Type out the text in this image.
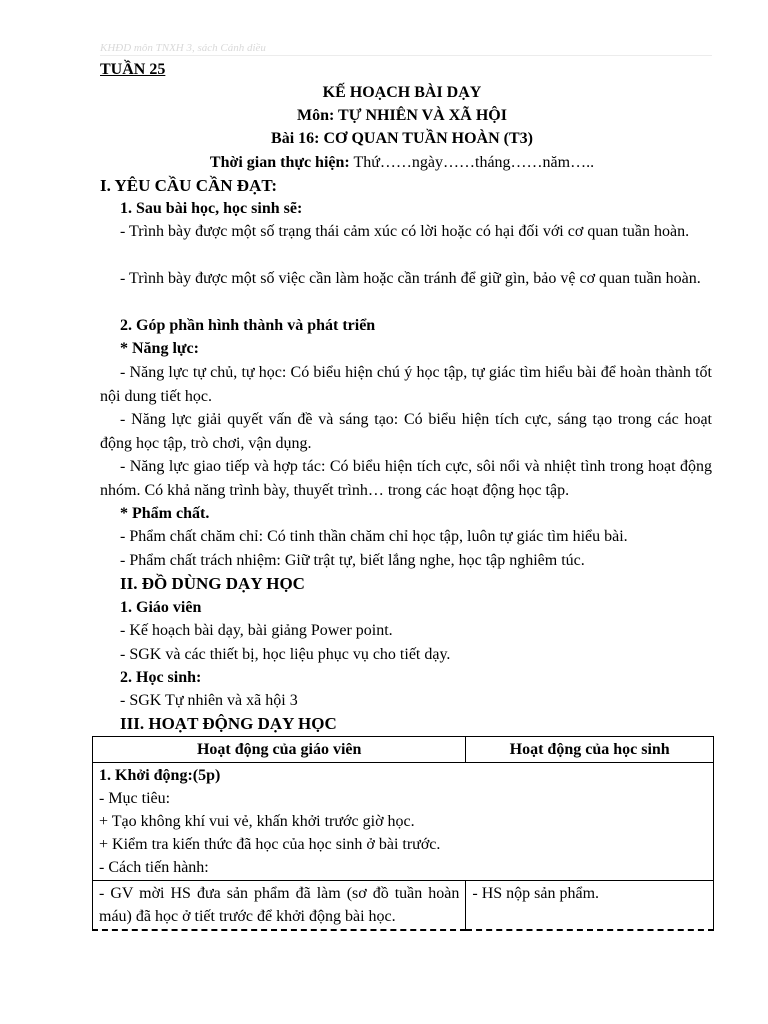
KHĐD môn TNXH 3, sách Cánh diều
TUẦN 25
KẾ HOẠCH BÀI DẠY
Môn: TỰ NHIÊN VÀ XÃ HỘI
Bài 16: CƠ QUAN TUẦN HOÀN (T3)
Thời gian thực hiện: Thứ……ngày……tháng……năm…..
I. YÊU CẦU CẦN ĐẠT:
1. Sau bài học, học sinh sẽ:
- Trình bày được một số trạng thái cảm xúc có lời hoặc có hại đối với cơ quan tuần hoàn.
- Trình bày được một số việc cần làm hoặc cần tránh để giữ gìn, bảo vệ cơ quan tuần hoàn.
2. Góp phần hình thành và phát triển
* Năng lực:
- Năng lực tự chủ, tự học: Có biểu hiện chú ý học tập, tự giác tìm hiểu bài để hoàn thành tốt nội dung tiết học.
- Năng lực giải quyết vấn đề và sáng tạo: Có biểu hiện tích cực, sáng tạo trong các hoạt động học tập, trò chơi, vận dụng.
- Năng lực giao tiếp và hợp tác: Có biểu hiện tích cực, sôi nổi và nhiệt tình trong hoạt động nhóm. Có khả năng trình bày, thuyết trình… trong các hoạt động học tập.
* Phẩm chất.
- Phẩm chất chăm chỉ: Có tinh thần chăm chỉ học tập, luôn tự giác tìm hiểu bài.
- Phẩm chất trách nhiệm: Giữ trật tự, biết lắng nghe, học tập nghiêm túc.
II. ĐỒ DÙNG DẠY HỌC
1. Giáo viên
- Kế hoạch bài dạy, bài giảng Power point.
- SGK và các thiết bị, học liệu phục vụ cho tiết dạy.
2. Học sinh:
- SGK Tự nhiên và xã hội 3
III. HOẠT ĐỘNG DẠY HỌC
Hoạt động của giáo viên	Hoạt động của học sinh

1. Khởi động:(5p)
- Mục tiêu:
+ Tạo không khí vui vẻ, khấn khởi trước giờ học.
+ Kiểm tra kiến thức đã học của học sinh ở bài trước.
- Cách tiến hành:	

- GV mời HS đưa sản phẩm đã làm (sơ đồ tuần hoàn máu) đã học ở tiết trước để khởi động bài học.	- HS nộp sản phẩm.
